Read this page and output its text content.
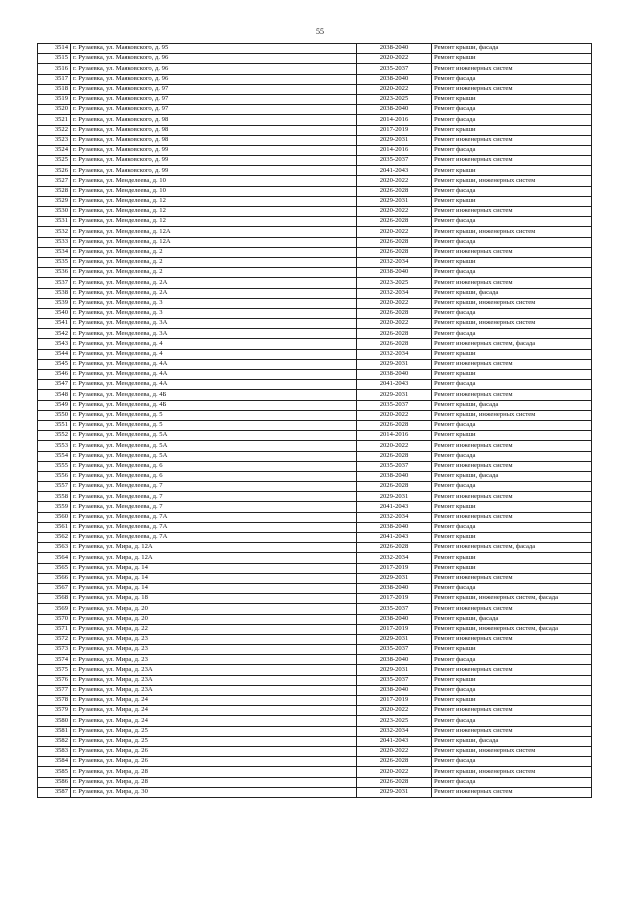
55
3514	г. Рузаевка, ул. Маяковского, д. 95	2038-2040	Ремонт крыши, фасада
3515	г. Рузаевка, ул. Маяковского, д. 96	2020-2022	Ремонт крыши
3516	г. Рузаевка, ул. Маяковского, д. 96	2035-2037	Ремонт инженерных систем
3517	г. Рузаевка, ул. Маяковского, д. 96	2038-2040	Ремонт фасада
3518	г. Рузаевка, ул. Маяковского, д. 97	2020-2022	Ремонт инженерных систем
3519	г. Рузаевка, ул. Маяковского, д. 97	2023-2025	Ремонт крыши
3520	г. Рузаевка, ул. Маяковского, д. 97	2038-2040	Ремонт фасада
3521	г. Рузаевка, ул. Маяковского, д. 98	2014-2016	Ремонт фасада
3522	г. Рузаевка, ул. Маяковского, д. 98	2017-2019	Ремонт крыши
3523	г. Рузаевка, ул. Маяковского, д. 98	2029-2031	Ремонт инженерных систем
3524	г. Рузаевка, ул. Маяковского, д. 99	2014-2016	Ремонт фасада
3525	г. Рузаевка, ул. Маяковского, д. 99	2035-2037	Ремонт инженерных систем
3526	г. Рузаевка, ул. Маяковского, д. 99	2041-2043	Ремонт крыши
3527	г. Рузаевка, ул. Менделеева, д. 10	2020-2022	Ремонт крыши, инженерных систем
3528	г. Рузаевка, ул. Менделеева, д. 10	2026-2028	Ремонт фасада
3529	г. Рузаевка, ул. Менделеева, д. 12	2029-2031	Ремонт крыши
3530	г. Рузаевка, ул. Менделеева, д. 12	2020-2022	Ремонт инженерных систем
3531	г. Рузаевка, ул. Менделеева, д. 12	2026-2028	Ремонт фасада
3532	г. Рузаевка, ул. Менделеева, д. 12А	2020-2022	Ремонт крыши, инженерных систем
3533	г. Рузаевка, ул. Менделеева, д. 12А	2026-2028	Ремонт фасада
3534	г. Рузаевка, ул. Менделеева, д. 2	2026-2028	Ремонт инженерных систем
3535	г. Рузаевка, ул. Менделеева, д. 2	2032-2034	Ремонт крыши
3536	г. Рузаевка, ул. Менделеева, д. 2	2038-2040	Ремонт фасада
3537	г. Рузаевка, ул. Менделеева, д. 2А	2023-2025	Ремонт инженерных систем
3538	г. Рузаевка, ул. Менделеева, д. 2А	2032-2034	Ремонт крыши, фасада
3539	г. Рузаевка, ул. Менделеева, д. 3	2020-2022	Ремонт крыши, инженерных систем
3540	г. Рузаевка, ул. Менделеева, д. 3	2026-2028	Ремонт фасада
3541	г. Рузаевка, ул. Менделеева, д. 3А	2020-2022	Ремонт крыши, инженерных систем
3542	г. Рузаевка, ул. Менделеева, д. 3А	2026-2028	Ремонт фасада
3543	г. Рузаевка, ул. Менделеева, д. 4	2026-2028	Ремонт инженерных систем, фасада
3544	г. Рузаевка, ул. Менделеева, д. 4	2032-2034	Ремонт крыши
3545	г. Рузаевка, ул. Менделеева, д. 4А	2029-2031	Ремонт инженерных систем
3546	г. Рузаевка, ул. Менделеева, д. 4А	2038-2040	Ремонт крыши
3547	г. Рузаевка, ул. Менделеева, д. 4А	2041-2043	Ремонт фасада
3548	г. Рузаевка, ул. Менделеева, д. 4Б	2029-2031	Ремонт инженерных систем
3549	г. Рузаевка, ул. Менделеева, д. 4Б	2035-2037	Ремонт крыши, фасада
3550	г. Рузаевка, ул. Менделеева, д. 5	2020-2022	Ремонт крыши, инженерных систем
3551	г. Рузаевка, ул. Менделеева, д. 5	2026-2028	Ремонт фасада
3552	г. Рузаевка, ул. Менделеева, д. 5А	2014-2016	Ремонт крыши
3553	г. Рузаевка, ул. Менделеева, д. 5А	2020-2022	Ремонт инженерных систем
3554	г. Рузаевка, ул. Менделеева, д. 5А	2026-2028	Ремонт фасада
3555	г. Рузаевка, ул. Менделеева, д. 6	2035-2037	Ремонт инженерных систем
3556	г. Рузаевка, ул. Менделеева, д. 6	2038-2040	Ремонт крыши, фасада
3557	г. Рузаевка, ул. Менделеева, д. 7	2026-2028	Ремонт фасада
3558	г. Рузаевка, ул. Менделеева, д. 7	2029-2031	Ремонт инженерных систем
3559	г. Рузаевка, ул. Менделеева, д. 7	2041-2043	Ремонт крыши
3560	г. Рузаевка, ул. Менделеева, д. 7А	2032-2034	Ремонт инженерных систем
3561	г. Рузаевка, ул. Менделеева, д. 7А	2038-2040	Ремонт фасада
3562	г. Рузаевка, ул. Менделеева, д. 7А	2041-2043	Ремонт крыши
3563	г. Рузаевка, ул. Мира, д. 12А	2026-2028	Ремонт инженерных систем, фасада
3564	г. Рузаевка, ул. Мира, д. 12А	2032-2034	Ремонт крыши
3565	г. Рузаевка, ул. Мира, д. 14	2017-2019	Ремонт крыши
3566	г. Рузаевка, ул. Мира, д. 14	2029-2031	Ремонт инженерных систем
3567	г. Рузаевка, ул. Мира, д. 14	2038-2040	Ремонт фасада
3568	г. Рузаевка, ул. Мира, д. 18	2017-2019	Ремонт крыши, инженерных систем, фасада
3569	г. Рузаевка, ул. Мира, д. 20	2035-2037	Ремонт инженерных систем
3570	г. Рузаевка, ул. Мира, д. 20	2038-2040	Ремонт крыши, фасада
3571	г. Рузаевка, ул. Мира, д. 22	2017-2019	Ремонт крыши, инженерных систем, фасада
3572	г. Рузаевка, ул. Мира, д. 23	2029-2031	Ремонт инженерных систем
3573	г. Рузаевка, ул. Мира, д. 23	2035-2037	Ремонт крыши
3574	г. Рузаевка, ул. Мира, д. 23	2038-2040	Ремонт фасада
3575	г. Рузаевка, ул. Мира, д. 23А	2029-2031	Ремонт инженерных систем
3576	г. Рузаевка, ул. Мира, д. 23А	2035-2037	Ремонт крыши
3577	г. Рузаевка, ул. Мира, д. 23А	2038-2040	Ремонт фасада
3578	г. Рузаевка, ул. Мира, д. 24	2017-2019	Ремонт крыши
3579	г. Рузаевка, ул. Мира, д. 24	2020-2022	Ремонт инженерных систем
3580	г. Рузаевка, ул. Мира, д. 24	2023-2025	Ремонт фасада
3581	г. Рузаевка, ул. Мира, д. 25	2032-2034	Ремонт инженерных систем
3582	г. Рузаевка, ул. Мира, д. 25	2041-2043	Ремонт крыши, фасада
3583	г. Рузаевка, ул. Мира, д. 26	2020-2022	Ремонт крыши, инженерных систем
3584	г. Рузаевка, ул. Мира, д. 26	2026-2028	Ремонт фасада
3585	г. Рузаевка, ул. Мира, д. 28	2020-2022	Ремонт крыши, инженерных систем
3586	г. Рузаевка, ул. Мира, д. 28	2026-2028	Ремонт фасада
3587	г. Рузаевка, ул. Мира, д. 30	2029-2031	Ремонт инженерных систем
